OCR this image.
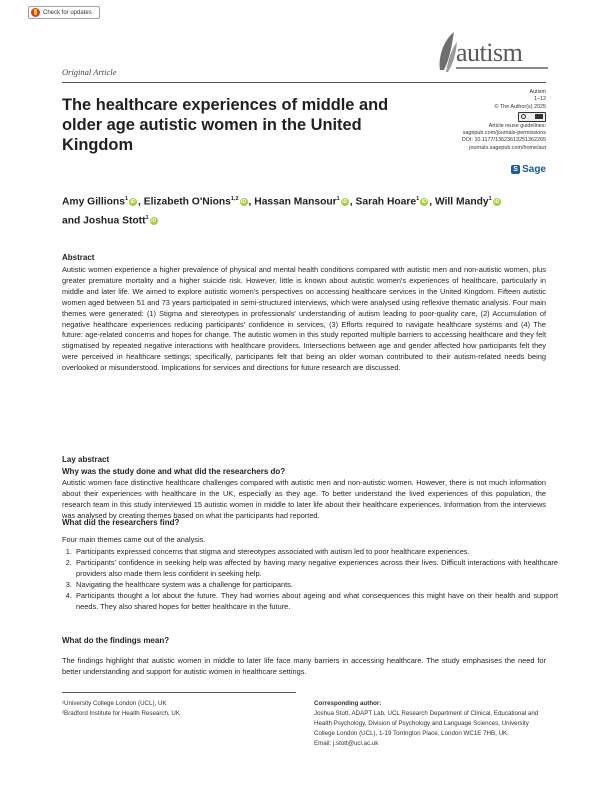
Check for updates
autism
Original Article
The healthcare experiences of middle and older age autistic women in the United Kingdom
Autism
1–12
© The Author(s) 2025
Article reuse guidelines:
sagepub.com/journals-permissions
DOI: 10.1177/13623613251362265
journals.sagepub.com/home/aut
S Sage
Amy Gillions$^1$ iD , Elizabeth O'Nions$^{1,2}$ iD , Hassan Mansour$^1$ iD , Sarah Hoare$^1$ iD , Will Mandy$^1$ iD and Joshua Stott$^1$ iD
Abstract
Autistic women experience a higher prevalence of physical and mental health conditions compared with autistic men and non-autistic women, plus greater premature mortality and a higher suicide risk. However, little is known about autistic women's experiences of healthcare, particularly in middle and later life. We aimed to explore autistic women's perspectives on accessing healthcare services in the United Kingdom. Fifteen autistic women aged between 51 and 73 years participated in semi-structured interviews, which were analysed using reflexive thematic analysis. Four main themes were generated: (1) Stigma and stereotypes in professionals' understanding of autism leading to poor-quality care, (2) Accumulation of negative healthcare experiences reducing participants' confidence in services, (3) Efforts required to navigate healthcare systems and (4) The future: age-related concerns and hopes for change. The autistic women in this study reported multiple barriers to accessing healthcare and they felt stigmatised by repeated negative interactions with healthcare providers. Intersections between age and gender affected how participants felt they were perceived in healthcare settings; specifically, participants felt that being an older woman contributed to their autism-related needs being overlooked or misunderstood. Implications for services and directions for future research are discussed.
Lay abstract
Why was the study done and what did the researchers do?
Autistic women face distinctive healthcare challenges compared with autistic men and non-autistic women. However, there is not much information about their experiences with healthcare in the UK, especially as they age. To better understand the lived experiences of this population, the research team in this study interviewed 15 autistic women in middle to later life about their healthcare experiences. Information from the interviews was analysed by creating themes based on what the participants had reported.
What did the researchers find?
Four main themes came out of the analysis.
1. Participants expressed concerns that stigma and stereotypes associated with autism led to poor healthcare experiences.
2. Participants' confidence in seeking help was affected by having many negative experiences across their lives. Difficult interactions with healthcare providers also made them less confident in seeking help.
3. Navigating the healthcare system was a challenge for participants.
4. Participants thought a lot about the future. They had worries about ageing and what consequences this might have on their health and support needs. They also shared hopes for better healthcare in the future.
What do the findings mean?
The findings highlight that autistic women in middle to later life face many barriers in accessing healthcare. The study emphasises the need for better understanding and support for autistic women in healthcare settings.
¹University College London (UCL), UK
²Bradford Institute for Health Research, UK
Corresponding author:
Joshua Stott, ADAPT Lab, UCL Research Department of Clinical, Educational and Health Psychology, Division of Psychology and Language Sciences, University College London (UCL), 1-19 Torrington Place, London WC1E 7HB, UK.
Email: j.stott@ucl.ac.uk
